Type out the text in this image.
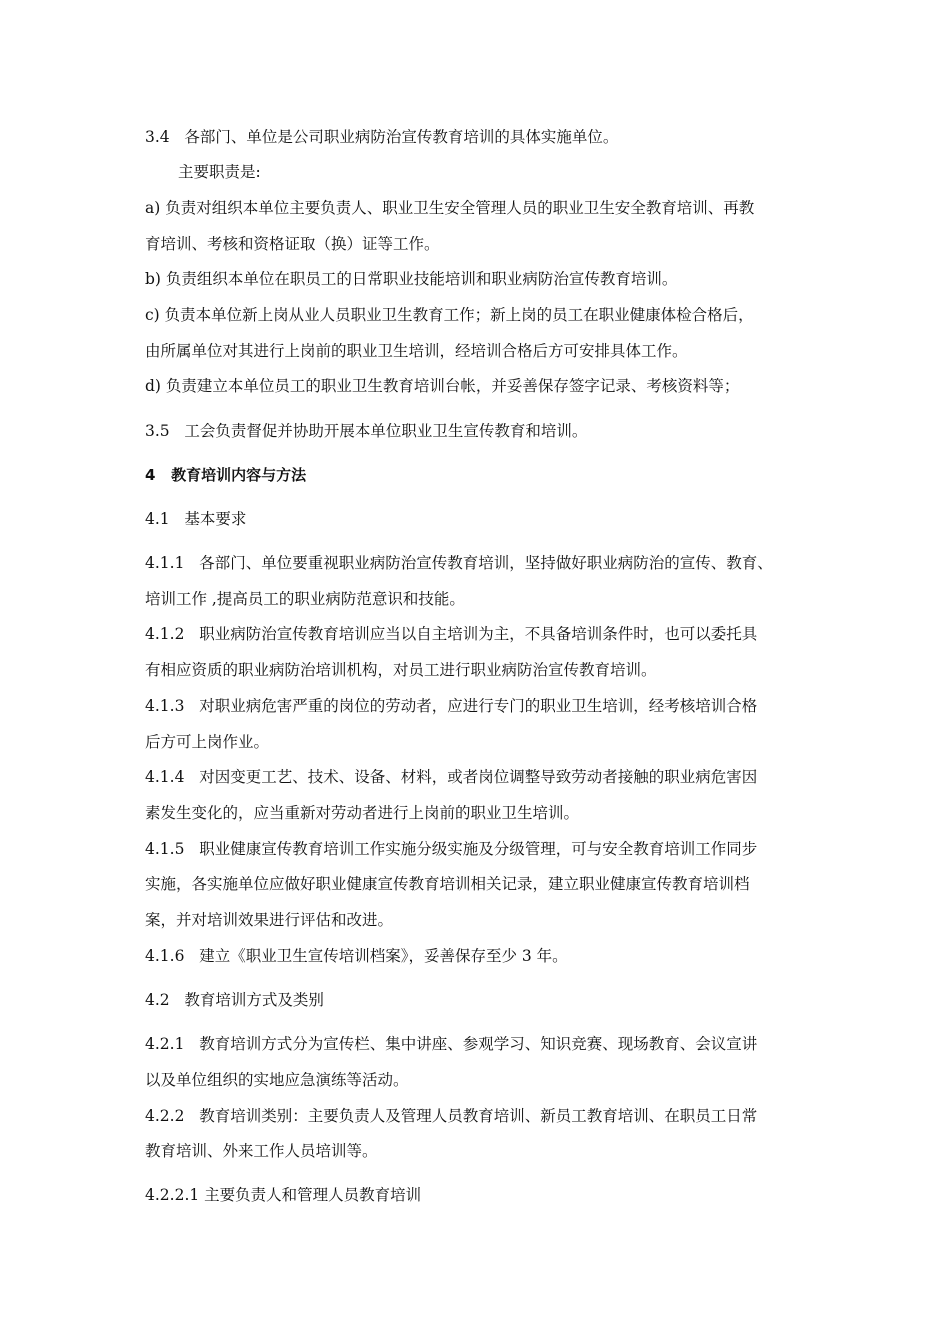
3.4   各部门、单位是公司职业病防治宣传教育培训的具体实施单位。
主要职责是:
a) 负责对组织本单位主要负责人、职业卫生安全管理人员的职业卫生安全教育培训、再教
育培训、考核和资格证取（换）证等工作。
b) 负责组织本单位在职员工的日常职业技能培训和职业病防治宣传教育培训。
c) 负责本单位新上岗从业人员职业卫生教育工作；新上岗的员工在职业健康体检合格后，
由所属单位对其进行上岗前的职业卫生培训，经培训合格后方可安排具体工作。
d) 负责建立本单位员工的职业卫生教育培训台帐，并妥善保存签字记录、考核资料等；
3.5   工会负责督促并协助开展本单位职业卫生宣传教育和培训。
4   教育培训内容与方法
4.1   基本要求
4.1.1   各部门、单位要重视职业病防治宣传教育培训，坚持做好职业病防治的宣传、教育、
培训工作 ,提高员工的职业病防范意识和技能。
4.1.2   职业病防治宣传教育培训应当以自主培训为主，不具备培训条件时，也可以委托具
有相应资质的职业病防治培训机构，对员工进行职业病防治宣传教育培训。
4.1.3   对职业病危害严重的岗位的劳动者，应进行专门的职业卫生培训，经考核培训合格
后方可上岗作业。
4.1.4   对因变更工艺、技术、设备、材料，或者岗位调整导致劳动者接触的职业病危害因
素发生变化的，应当重新对劳动者进行上岗前的职业卫生培训。
4.1.5   职业健康宣传教育培训工作实施分级实施及分级管理，可与安全教育培训工作同步
实施，各实施单位应做好职业健康宣传教育培训相关记录，建立职业健康宣传教育培训档
案，并对培训效果进行评估和改进。
4.1.6   建立《职业卫生宣传培训档案》，妥善保存至少 3 年。
4.2   教育培训方式及类别
4.2.1   教育培训方式分为宣传栏、集中讲座、参观学习、知识竞赛、现场教育、会议宣讲
以及单位组织的实地应急演练等活动。
4.2.2   教育培训类别：主要负责人及管理人员教育培训、新员工教育培训、在职员工日常
教育培训、外来工作人员培训等。
4.2.2.1 主要负责人和管理人员教育培训
